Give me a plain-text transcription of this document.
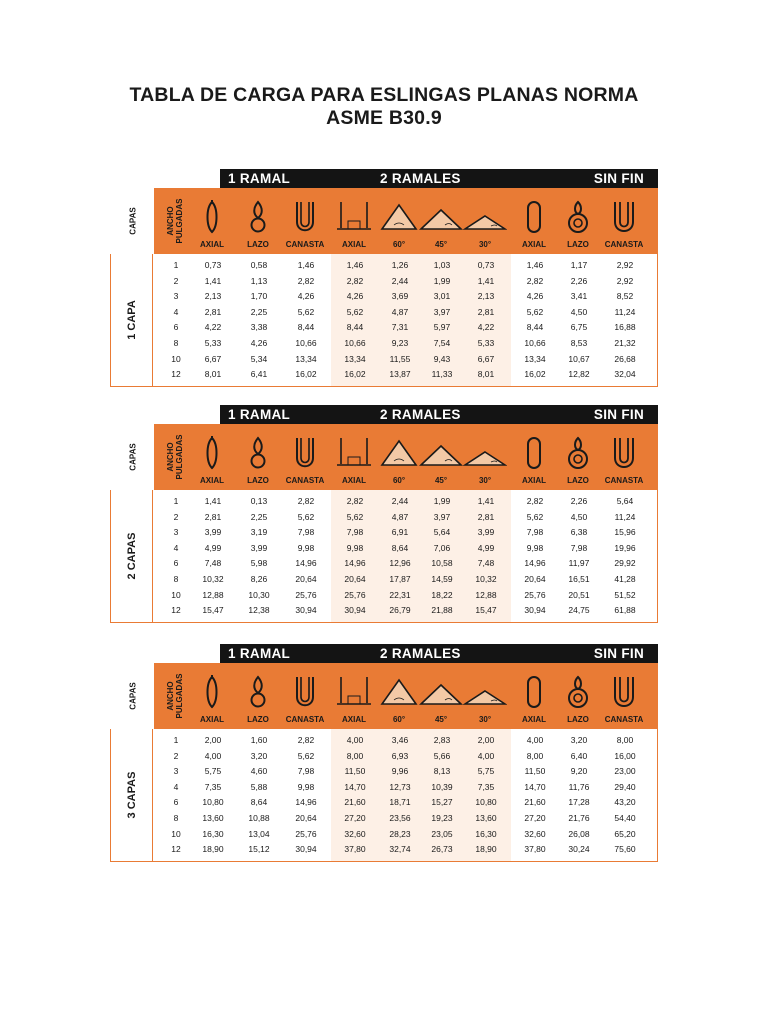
TABLA DE CARGA PARA ESLINGAS PLANAS NORMA
ASME B30.9
CAPAS
1 RAMAL	2 RAMALES	SIN FIN
ANCHO PULGADAS
AXIAL	LAZO	CANASTA	AXIAL	60°	45°	30°	AXIAL	LAZO	CANASTA
1 CAPA
1	0,73	0,58	1,46	1,46	1,26	1,03	0,73	1,46	1,17	2,92
2	1,41	1,13	2,82	2,82	2,44	1,99	1,41	2,82	2,26	2,92
3	2,13	1,70	4,26	4,26	3,69	3,01	2,13	4,26	3,41	8,52
4	2,81	2,25	5,62	5,62	4,87	3,97	2,81	5,62	4,50	11,24
6	4,22	3,38	8,44	8,44	7,31	5,97	4,22	8,44	6,75	16,88
8	5,33	4,26	10,66	10,66	9,23	7,54	5,33	10,66	8,53	21,32
10	6,67	5,34	13,34	13,34	11,55	9,43	6,67	13,34	10,67	26,68
12	8,01	6,41	16,02	16,02	13,87	11,33	8,01	16,02	12,82	32,04
CAPAS
1 RAMAL	2 RAMALES	SIN FIN
ANCHO PULGADAS
AXIAL	LAZO	CANASTA	AXIAL	60°	45°	30°	AXIAL	LAZO	CANASTA
2 CAPAS
1	1,41	0,13	2,82	2,82	2,44	1,99	1,41	2,82	2,26	5,64
2	2,81	2,25	5,62	5,62	4,87	3,97	2,81	5,62	4,50	11,24
3	3,99	3,19	7,98	7,98	6,91	5,64	3,99	7,98	6,38	15,96
4	4,99	3,99	9,98	9,98	8,64	7,06	4,99	9,98	7,98	19,96
6	7,48	5,98	14,96	14,96	12,96	10,58	7,48	14,96	11,97	29,92
8	10,32	8,26	20,64	20,64	17,87	14,59	10,32	20,64	16,51	41,28
10	12,88	10,30	25,76	25,76	22,31	18,22	12,88	25,76	20,51	51,52
12	15,47	12,38	30,94	30,94	26,79	21,88	15,47	30,94	24,75	61,88
CAPAS
1 RAMAL	2 RAMALES	SIN FIN
ANCHO PULGADAS
AXIAL	LAZO	CANASTA	AXIAL	60°	45°	30°	AXIAL	LAZO	CANASTA
3 CAPAS
1	2,00	1,60	2,82	4,00	3,46	2,83	2,00	4,00	3,20	8,00
2	4,00	3,20	5,62	8,00	6,93	5,66	4,00	8,00	6,40	16,00
3	5,75	4,60	7,98	11,50	9,96	8,13	5,75	11,50	9,20	23,00
4	7,35	5,88	9,98	14,70	12,73	10,39	7,35	14,70	11,76	29,40
6	10,80	8,64	14,96	21,60	18,71	15,27	10,80	21,60	17,28	43,20
8	13,60	10,88	20,64	27,20	23,56	19,23	13,60	27,20	21,76	54,40
10	16,30	13,04	25,76	32,60	28,23	23,05	16,30	32,60	26,08	65,20
12	18,90	15,12	30,94	37,80	32,74	26,73	18,90	37,80	30,24	75,60
